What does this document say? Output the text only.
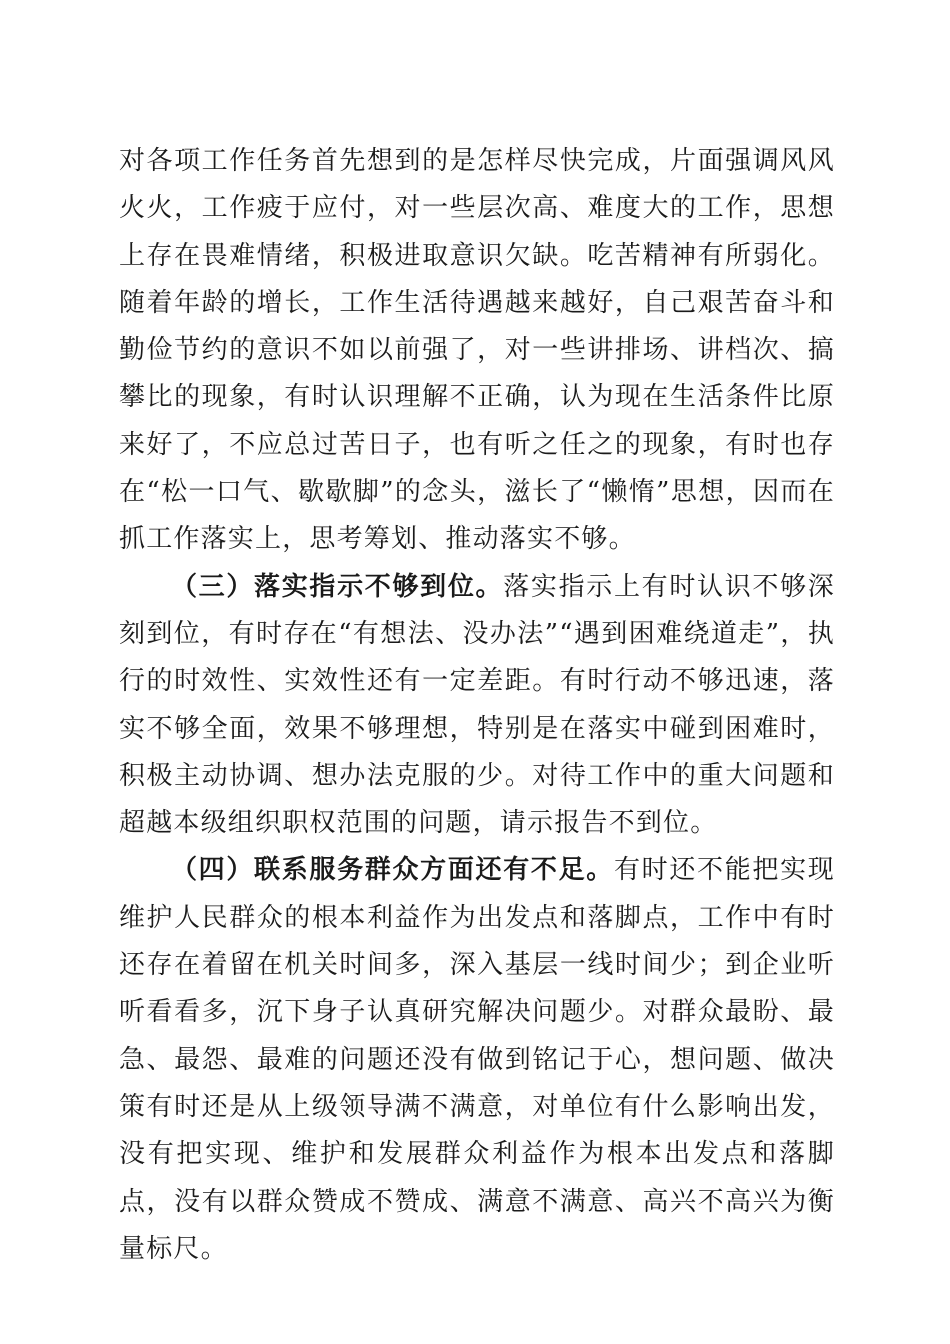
对各项工作任务首先想到的是怎样尽快完成，片面强调风风火火，工作疲于应付，对一些层次高、难度大的工作，思想上存在畏难情绪，积极进取意识欠缺。吃苦精神有所弱化。随着年龄的增长，工作生活待遇越来越好，自己艰苦奋斗和勤俭节约的意识不如以前强了，对一些讲排场、讲档次、搞攀比的现象，有时认识理解不正确，认为现在生活条件比原来好了，不应总过苦日子，也有听之任之的现象，有时也存在“松一口气、歇歇脚”的念头，滋长了“懒惰”思想，因而在抓工作落实上，思考筹划、推动落实不够。

（三）落实指示不够到位。落实指示上有时认识不够深刻到位，有时存在“有想法、没办法”“遇到困难绕道走”，执行的时效性、实效性还有一定差距。有时行动不够迅速，落实不够全面，效果不够理想，特别是在落实中碰到困难时，积极主动协调、想办法克服的少。对待工作中的重大问题和超越本级组织职权范围的问题，请示报告不到位。

（四）联系服务群众方面还有不足。有时还不能把实现维护人民群众的根本利益作为出发点和落脚点，工作中有时还存在着留在机关时间多，深入基层一线时间少；到企业听听看看多，沉下身子认真研究解决问题少。对群众最盼、最急、最怨、最难的问题还没有做到铭记于心，想问题、做决策有时还是从上级领导满不满意，对单位有什么影响出发，没有把实现、维护和发展群众利益作为根本出发点和落脚点，没有以群众赞成不赞成、满意不满意、高兴不高兴为衡量标尺。
